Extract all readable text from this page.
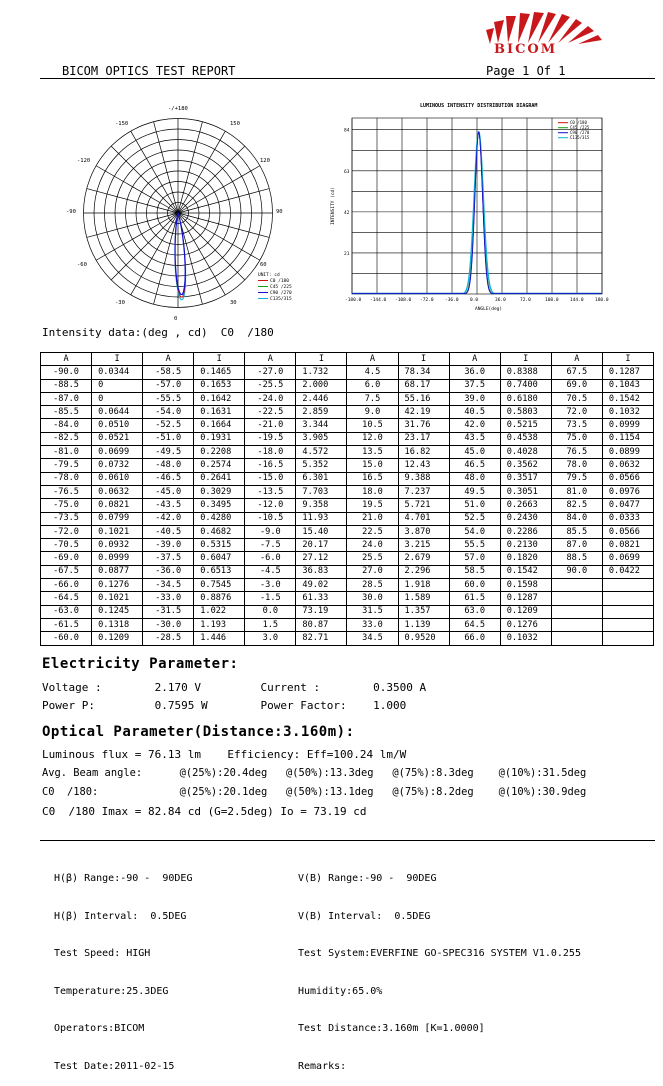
BICOM
BICOM OPTICS TEST REPORT	Page 1 Of 1
-/+180
-150	150
-120	120
-90	90
-60	60
-30	30
0
UNIT: cd
C0 /180
C45 /225
C90 /270
C135/315
LUMINOUS INTENSITY DISTRIBUTION DIAGRAM
INTENSITY (cd)
ANGLE(deg)
-180.0 -144.0 -108.0 -72.0	-36.0	0.0	36.0	72.0	108.0	144.0	180.0
84
63
42
21
C0 /180
C45 /225
C90 /270
C135/315
Intensity data:(deg , cd)  C0  /180
A	I	A	I	A	I	A	I	A	I	A	I
-90.0	0.0344	-58.5	0.1465	-27.0	1.732	4.5	78.34	36.0	0.8388	67.5	0.1287
-88.5	0	-57.0	0.1653	-25.5	2.000	6.0	68.17	37.5	0.7400	69.0	0.1043
-87.0	0	-55.5	0.1642	-24.0	2.446	7.5	55.16	39.0	0.6180	70.5	0.1542
-85.5	0.0644	-54.0	0.1631	-22.5	2.859	9.0	42.19	40.5	0.5803	72.0	0.1032
-84.0	0.0510	-52.5	0.1664	-21.0	3.344	10.5	31.76	42.0	0.5215	73.5	0.0999
-82.5	0.0521	-51.0	0.1931	-19.5	3.905	12.0	23.17	43.5	0.4538	75.0	0.1154
-81.0	0.0699	-49.5	0.2208	-18.0	4.572	13.5	16.82	45.0	0.4028	76.5	0.0899
-79.5	0.0732	-48.0	0.2574	-16.5	5.352	15.0	12.43	46.5	0.3562	78.0	0.0632
-78.0	0.0610	-46.5	0.2641	-15.0	6.301	16.5	9.388	48.0	0.3517	79.5	0.0566
-76.5	0.0632	-45.0	0.3029	-13.5	7.703	18.0	7.237	49.5	0.3051	81.0	0.0976
-75.0	0.0821	-43.5	0.3495	-12.0	9.358	19.5	5.721	51.0	0.2663	82.5	0.0477
-73.5	0.0799	-42.0	0.4280	-10.5	11.93	21.0	4.701	52.5	0.2430	84.0	0.0333
-72.0	0.1021	-40.5	0.4682	-9.0	15.40	22.5	3.870	54.0	0.2286	85.5	0.0566
-70.5	0.0932	-39.0	0.5315	-7.5	20.17	24.0	3.215	55.5	0.2130	87.0	0.0821
-69.0	0.0999	-37.5	0.6047	-6.0	27.12	25.5	2.679	57.0	0.1820	88.5	0.0699
-67.5	0.0877	-36.0	0.6513	-4.5	36.83	27.0	2.296	58.5	0.1542	90.0	0.0422
-66.0	0.1276	-34.5	0.7545	-3.0	49.02	28.5	1.918	60.0	0.1598		
-64.5	0.1021	-33.0	0.8876	-1.5	61.33	30.0	1.589	61.5	0.1287		
-63.0	0.1245	-31.5	1.022	0.0	73.19	31.5	1.357	63.0	0.1209		
-61.5	0.1318	-30.0	1.193	1.5	80.87	33.0	1.139	64.5	0.1276		
-60.0	0.1209	-28.5	1.446	3.0	82.71	34.5	0.9520	66.0	0.1032		
Electricity Parameter:
Voltage :        2.170 V         Current :        0.3500 A
Power P:         0.7595 W        Power Factor:    1.000
Optical Parameter(Distance:3.160m):
Luminous flux = 76.13 lm    Efficiency: Eff=100.24 lm/W
Avg. Beam angle:      @(25%):20.4deg   @(50%):13.3deg   @(75%):8.3deg    @(10%):31.5deg
C0  /180:             @(25%):20.1deg   @(50%):13.1deg   @(75%):8.2deg    @(10%):30.9deg
C0  /180 Imax = 82.84 cd (G=2.5deg) Io = 73.19 cd

H(β) Range:-90 -  90DEG

H(β) Interval:  0.5DEG

Test Speed: HIGH

Temperature:25.3DEG

Operators:BICOM

Test Date:2011-02-15

V(B) Range:-90 -  90DEG

V(B) Interval:  0.5DEG

Test System:EVERFINE GO-SPEC316 SYSTEM V1.0.255

Humidity:65.0%

Test Distance:3.160m [K=1.0000]

Remarks:
